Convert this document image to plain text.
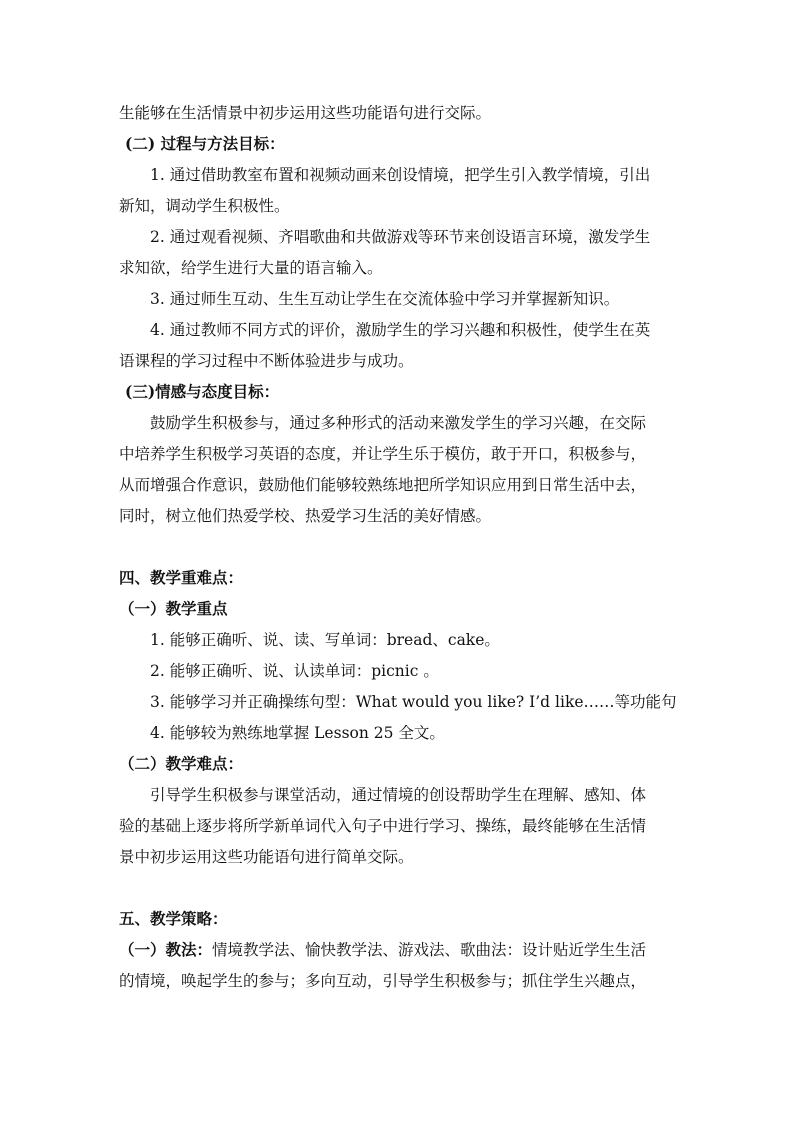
生能够在生活情景中初步运用这些功能语句进行交际。
(二) 过程与方法目标：
1. 通过借助教室布置和视频动画来创设情境，把学生引入教学情境，引出
新知，调动学生积极性。
2. 通过观看视频、齐唱歌曲和共做游戏等环节来创设语言环境，激发学生
求知欲，给学生进行大量的语言输入。
3. 通过师生互动、生生互动让学生在交流体验中学习并掌握新知识。
4. 通过教师不同方式的评价，激励学生的学习兴趣和积极性，使学生在英
语课程的学习过程中不断体验进步与成功。
(三)情感与态度目标：
鼓励学生积极参与，通过多种形式的活动来激发学生的学习兴趣，在交际
中培养学生积极学习英语的态度，并让学生乐于模仿，敢于开口，积极参与，
从而增强合作意识，鼓励他们能够较熟练地把所学知识应用到日常生活中去，
同时，树立他们热爱学校、热爱学习生活的美好情感。
四、教学重难点：
（一）教学重点
1. 能够正确听、说、读、写单词：bread、cake。
2. 能够正确听、说、认读单词：picnic 。
3. 能够学习并正确操练句型：What would you like? I’d like……等功能句
4. 能够较为熟练地掌握 Lesson 25 全文。
（二）教学难点：
引导学生积极参与课堂活动，通过情境的创设帮助学生在理解、感知、体
验的基础上逐步将所学新单词代入句子中进行学习、操练，最终能够在生活情
景中初步运用这些功能语句进行简单交际。
五、教学策略：
（一）教法：情境教学法、愉快教学法、游戏法、歌曲法：设计贴近学生生活
的情境，唤起学生的参与；多向互动，引导学生积极参与；抓住学生兴趣点，
